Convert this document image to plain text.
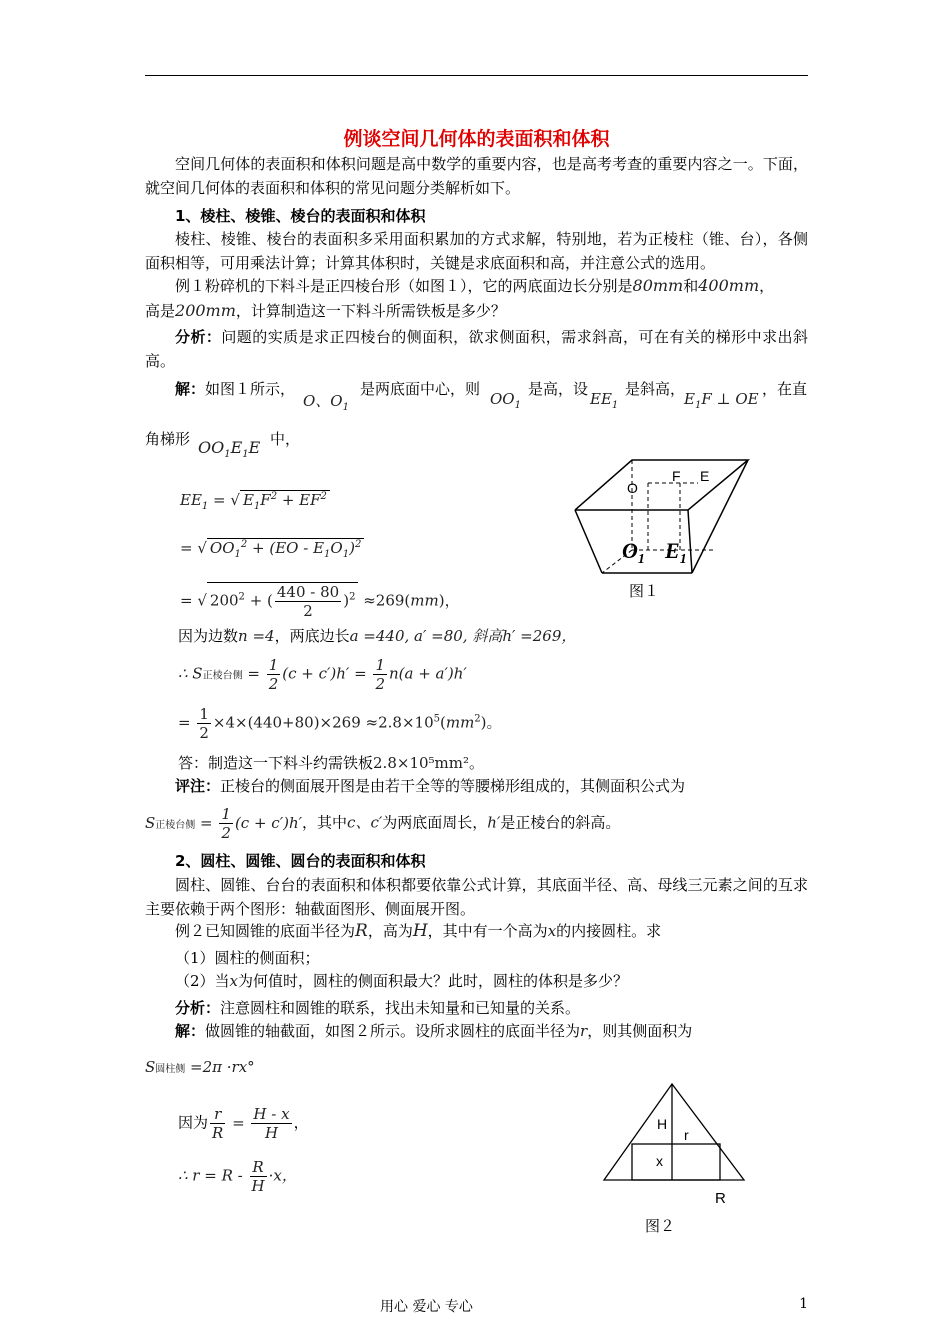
例谈空间几何体的表面积和体积
空间几何体的表面积和体积问题是高中数学的重要内容，也是高考考查的重要内容之一。下面，就空间几何体的表面积和体积的常见问题分类解析如下。
1、棱柱、棱锥、棱台的表面积和体积
棱柱、棱锥、棱台的表面积多采用面积累加的方式求解，特别地，若为正棱柱（锥、台），各侧面积相等，可用乘法计算；计算其体积时，关键是求底面积和高，并注意公式的选用。
例１粉碎机的下料斗是正四棱台形（如图１），它的两底面边长分别是80mm和400mm，
高是200mm，计算制造这一下料斗所需铁板是多少？
分析：问题的实质是求正四棱台的侧面积，欲求侧面积，需求斜高，可在有关的梯形中求出斜高。
解：如图１所示，
O、$O_1$
是两底面中心，则
$OO_1$
是高，设
$EE_1$
是斜高，
$E_1F$ ⊥ OE
，在直
角梯形 $OO_1E_1E$ 中，
$EE_1$ = √ $E_1F^2 + EF^2$
= √ $OO_1^2 + (EO - E_1O_1)^2$
= √ $200^2$ + ( $\frac{440 - 80}{2} )^2 \approx 269(mm)$，
因为边数n =4，两底边长a =440, a′ =80, 斜高h′ =269，
∴ S正棱台侧 = $\frac{1}{2} (c + c')h' = \frac{1}{2} n(a + a')h'$
= $\frac{1}{2} \times 4\times(440+80)\times 269 \approx 2.8\times 10^5(mm^2)$。
答：制造这一下料斗约需铁板2.8×10⁵mm²。
评注：正棱台的侧面展开图是由若干全等的等腰梯形组成的，其侧面积公式为
S正棱台侧 = $\frac{1}{2} (c + c')h'$，其中c、c′为两底面周长，h′是正棱台的斜高。
2、圆柱、圆锥、圆台的表面积和体积
圆柱、圆锥、台台的表面积和体积都要依靠公式计算，其底面半径、高、母线三元素之间的互求主要依赖于两个图形：轴截面图形、侧面展开图。
例２已知圆锥的底面半径为R，高为H，其中有一个高为x的内接圆柱。求
（1）圆柱的侧面积；
（2）当x为何值时，圆柱的侧面积最大？此时，圆柱的体积是多少？
分析：注意圆柱和圆锥的联系，找出未知量和已知量的关系。
解：做圆锥的轴截面，如图２所示。设所求圆柱的底面半径为r，则其侧面积为
S圆柱侧 =2π ·rx°
因为 $\frac{r}{R} = \frac{H - x}{H}$ ，
∴ $r = R - \frac{R}{H} \cdot x$，
F E
O
$O_1$ $E_1$
图１
H
r
x
R
图２
用心 爱心 专心	1
